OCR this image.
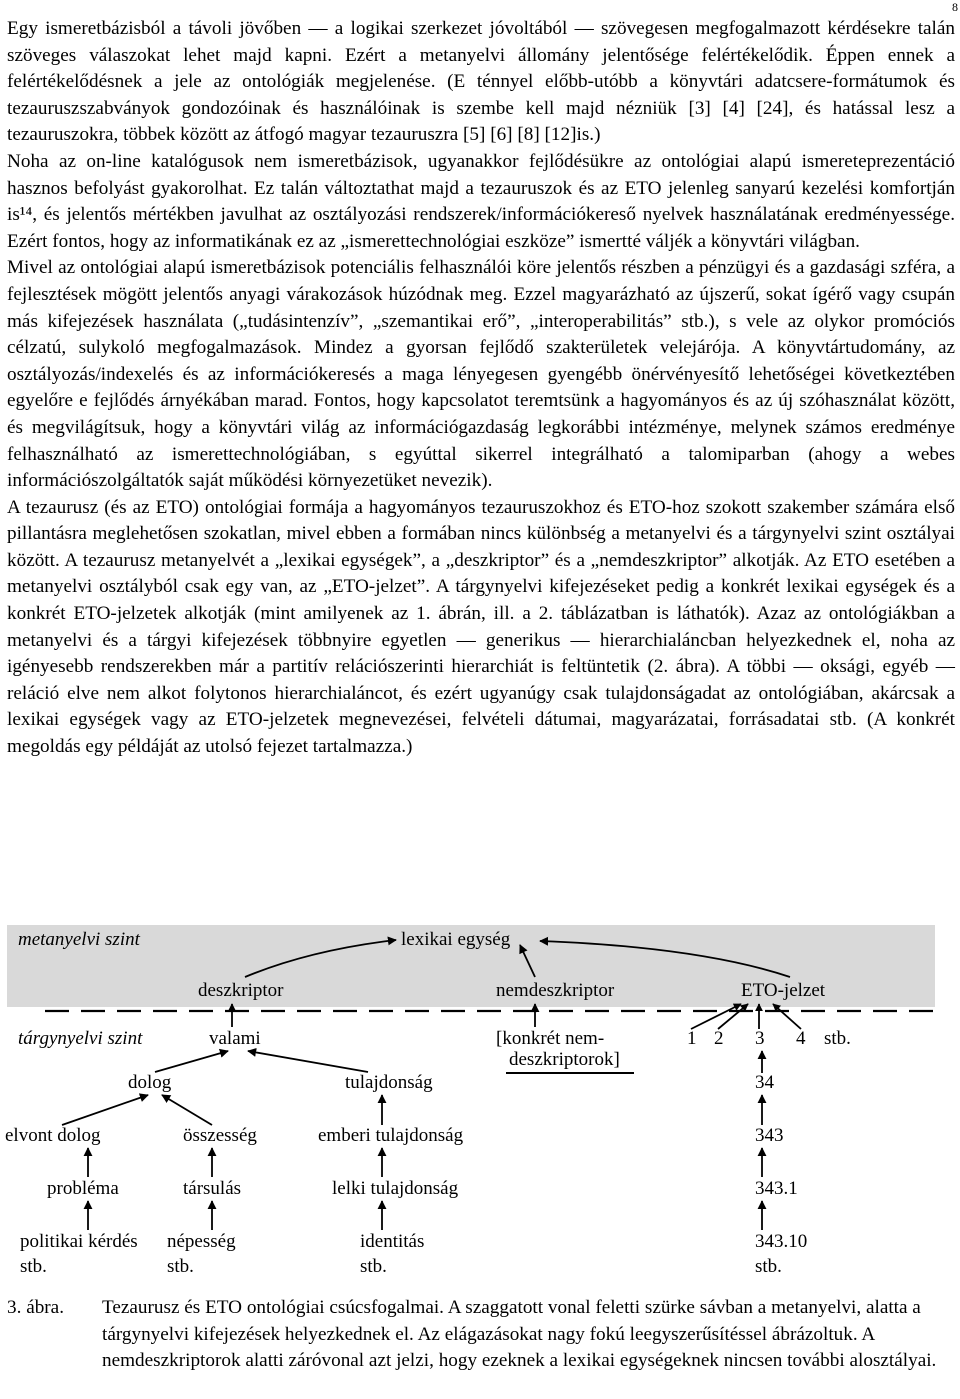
8

Egy ismeretbázisból a távoli jövőben — a logikai szerkezet jóvoltából — szövegesen megfogalmazott kérdésekre talán szöveges válaszokat lehet majd kapni. Ezért a metanyelvi állomány jelentősége felértékelődik. Éppen ennek a felértékelődésnek a jele az ontológiák megjelenése. (E ténnyel előbb-utóbb a könyvtári adatcsere-formátumok és tezauruszszabványok gondozóinak és használóinak is szembe kell majd nézniük [3] [4] [24], és hatással lesz a tezauruszokra, többek között az átfogó magyar tezauruszra [5] [6] [8] [12]is.)

Noha az on-line katalógusok nem ismeretbázisok, ugyanakkor fejlődésükre az ontológiai alapú ismereteprezentáció hasznos befolyást gyakorolhat. Ez talán változtathat majd a tezauruszok és az ETO jelenleg sanyarú kezelési komfortján is¹⁴, és jelentős mértékben javulhat az osztályozási rendszerek/információkereső nyelvek használatának eredményessége. Ezért fontos, hogy az informatikának ez az „ismerettechnológiai eszköze” ismertté váljék a könyvtári világban.

Mivel az ontológiai alapú ismeretbázisok potenciális felhasználói köre jelentős részben a pénzügyi és a gazdasági szféra, a fejlesztések mögött jelentős anyagi várakozások húzódnak meg. Ezzel magyarázható az újszerű, sokat ígérő vagy csupán más kifejezések használata („tudásintenzív”, „szemantikai erő”, „interoperabilitás” stb.), s vele az olykor promóciós célzatú, sulykoló megfogalmazások. Mindez a gyorsan fejlődő szakterületek velejárója. A könyvtártudomány, az osztályozás/indexelés és az információkeresés a maga lényegesen gyengébb önérvényesítő lehetőségei következtében egyelőre e fejlődés árnyékában marad. Fontos, hogy kapcsolatot teremtsünk a hagyományos és az új szóhasználat között, és megvilágítsuk, hogy a könyvtári világ az információgazdaság legkorábbi intézménye, melynek számos eredménye felhasználható az ismerettechnológiában, s egyúttal sikerrel integrálható a talomiparban (ahogy a webes információszolgáltatók saját működési környezetüket nevezik).

A tezaurusz (és az ETO) ontológiai formája a hagyományos tezauruszokhoz és ETO-hoz szokott szakember számára első pillantásra meglehetősen szokatlan, mivel ebben a formában nincs különbség a metanyelvi és a tárgynyelvi szint osztályai között. A tezaurusz metanyelvét a „lexikai egységek”, a „deszkriptor” és a „nemdeszkriptor” alkotják. Az ETO esetében a metanyelvi osztályból csak egy van, az „ETO-jelzet”. A tárgynyelvi kifejezéseket pedig a konkrét lexikai egységek és a konkrét ETO-jelzetek alkotják (mint amilyenek az 1. ábrán, ill. a 2. táblázatban is láthatók). Azaz az ontológiákban a metanyelvi és a tárgyi kifejezések többnyire egyetlen — generikus — hierarchialáncban helyezkednek el, noha az igényesebb rendszerekben már a partitív relációszerinti hierarchiát is feltüntetik (2. ábra). A többi — oksági, egyéb — reláció elve nem alkot folytonos hierarchialáncot, és ezért ugyanúgy csak tulajdonságadat az ontológiában, akárcsak a lexikai egységek vagy az ETO-jelzetek megnevezései, felvételi dátumai, magyarázatai, forrásadatai stb. (A konkrét megoldás egy példáját az utolsó fejezet tartalmazza.)

metanyelvi szint	lexikai egység
deszkriptor	nemdeszkriptor	ETO-jelzet
tárgynyelvi szint	valami	[konkrét nem-
deszkriptorok]
1 2 3 4 stb.
dolog	tulajdonság	34
elvont dolog	összesség	emberi tulajdonság	343
probléma	társulás	lelki tulajdonság	343.1
politikai kérdés népesség	identitás	343.10
stb.	stb.	stb.	stb.
3. ábra. Tezaurusz és ETO ontológiai csúcsfogalmai. A szaggatott vonal feletti szürke sávban a metanyelvi, alatta a tárgynyelvi kifejezések helyezkednek el. Az elágazásokat nagy fokú leegyszerűsítéssel ábrázoltuk. A nemdeszkriptorok alatti záróvonal azt jelzi, hogy ezeknek a lexikai egységeknek nincsen további alosztályai.
